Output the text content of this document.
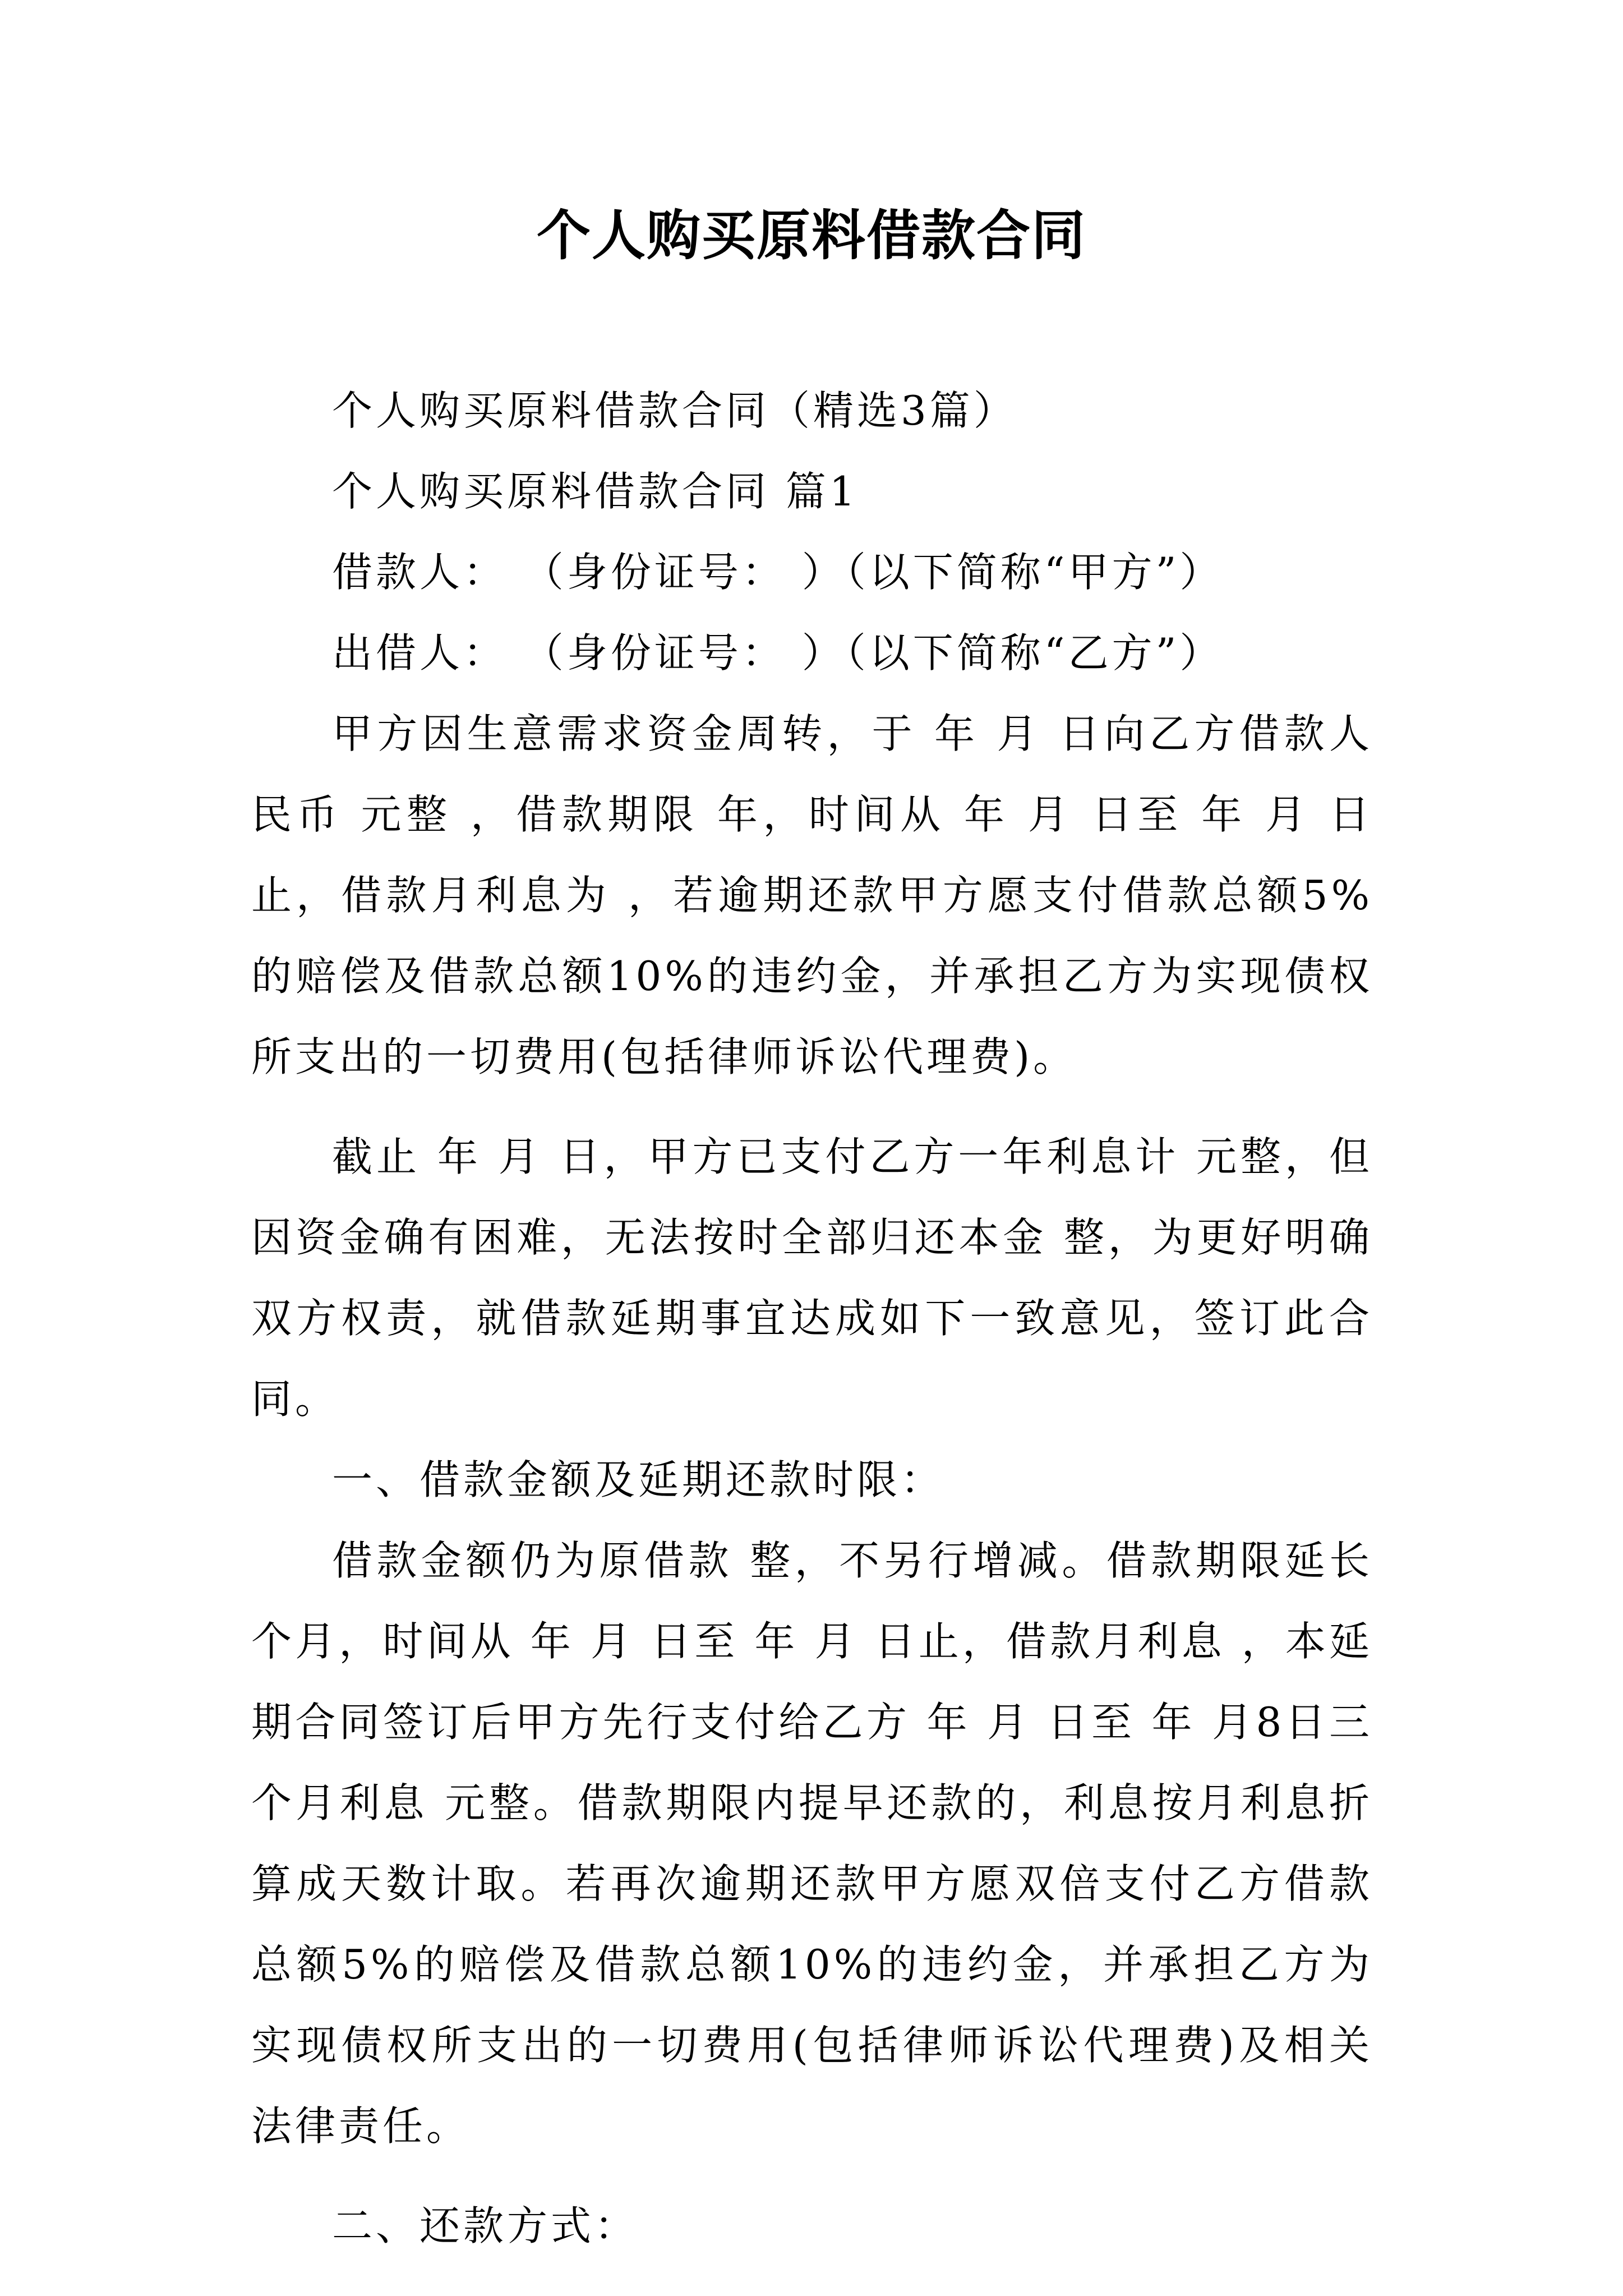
个人购买原料借款合同

个人购买原料借款合同（精选3篇）

个人购买原料借款合同 篇1

借款人： （身份证号： ）（以下简称“甲方”）

出借人： （身份证号： ）（以下简称“乙方”）

甲方因生意需求资金周转，于 年 月 日向乙方借款人民币 元整 ，借款期限 年，时间从 年 月 日至 年 月 日止，借款月利息为 ，若逾期还款甲方愿支付借款总额5%的赔偿及借款总额10%的违约金，并承担乙方为实现债权所支出的一切费用(包括律师诉讼代理费)。

截止 年 月 日，甲方已支付乙方一年利息计 元整，但因资金确有困难，无法按时全部归还本金 整，为更好明确双方权责，就借款延期事宜达成如下一致意见，签订此合同。

一、借款金额及延期还款时限：

借款金额仍为原借款 整，不另行增减。借款期限延长 个月，时间从 年 月 日至 年 月 日止，借款月利息 ，本延期合同签订后甲方先行支付给乙方 年 月 日至 年 月8日三个月利息 元整。借款期限内提早还款的，利息按月利息折算成天数计取。若再次逾期还款甲方愿双倍支付乙方借款总额5%的赔偿及借款总额10%的违约金，并承担乙方为实现债权所支出的一切费用(包括律师诉讼代理费)及相关法律责任。

二、还款方式：
